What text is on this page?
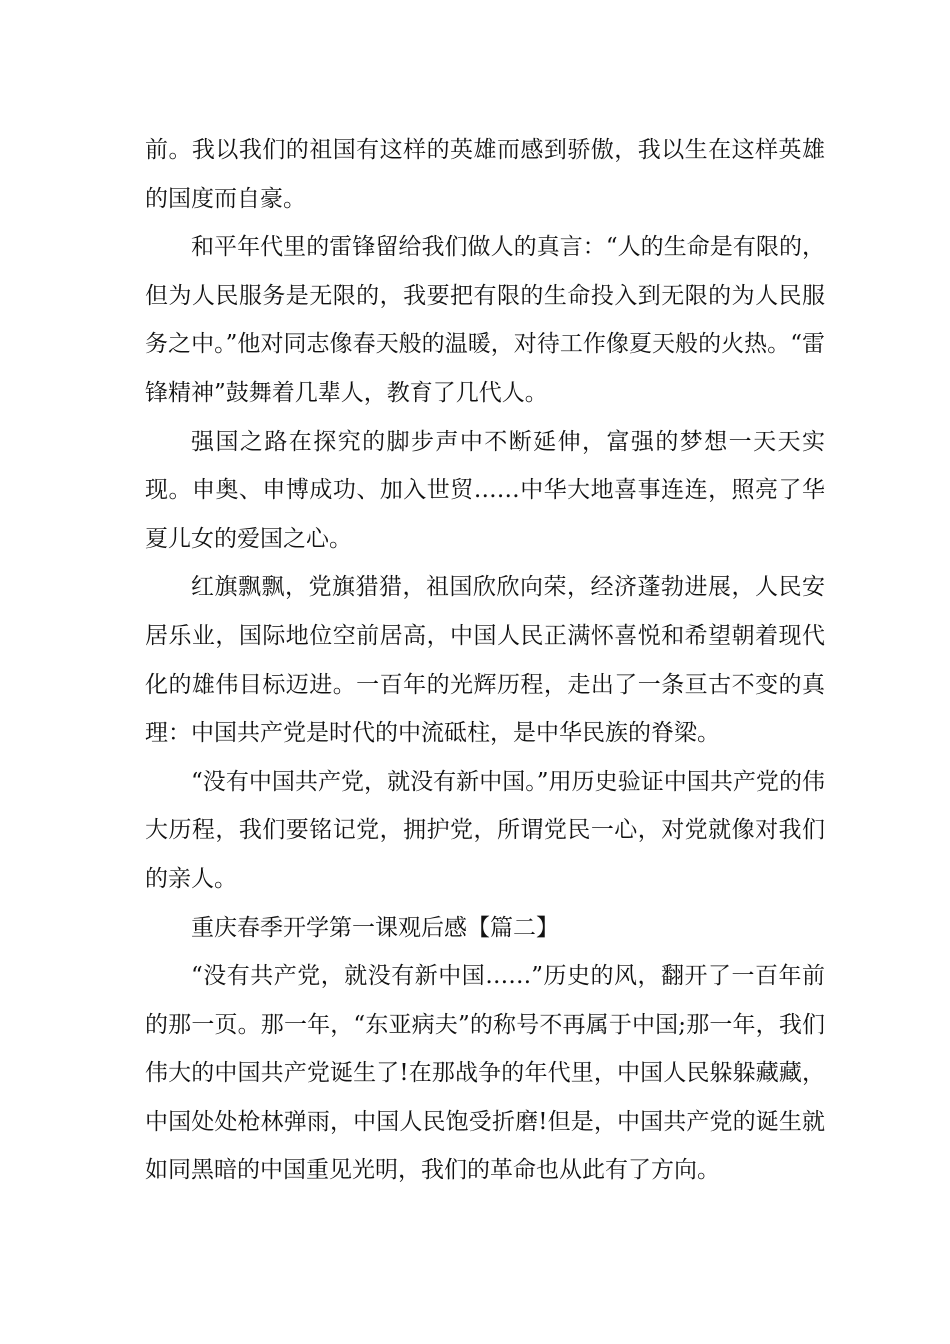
前。我以我们的祖国有这样的英雄而感到骄傲，我以生在这样英雄的国度而自豪。

和平年代里的雷锋留给我们做人的真言：“人的生命是有限的，但为人民服务是无限的，我要把有限的生命投入到无限的为人民服务之中。”他对同志像春天般的温暖，对待工作像夏天般的火热。“雷锋精神”鼓舞着几辈人，教育了几代人。

强国之路在探究的脚步声中不断延伸，富强的梦想一天天实现。申奥、申博成功、加入世贸……中华大地喜事连连，照亮了华夏儿女的爱国之心。

红旗飘飘，党旗猎猎，祖国欣欣向荣，经济蓬勃进展，人民安居乐业，国际地位空前居高，中国人民正满怀喜悦和希望朝着现代化的雄伟目标迈进。一百年的光辉历程，走出了一条亘古不变的真理：中国共产党是时代的中流砥柱，是中华民族的脊梁。

“没有中国共产党，就没有新中国。”用历史验证中国共产党的伟大历程，我们要铭记党，拥护党，所谓党民一心，对党就像对我们的亲人。

重庆春季开学第一课观后感【篇二】

“没有共产党，就没有新中国……”历史的风，翻开了一百年前的那一页。那一年，“东亚病夫”的称号不再属于中国;那一年，我们伟大的中国共产党诞生了!在那战争的年代里，中国人民躲躲藏藏，中国处处枪林弹雨，中国人民饱受折磨!但是，中国共产党的诞生就如同黑暗的中国重见光明，我们的革命也从此有了方向。
